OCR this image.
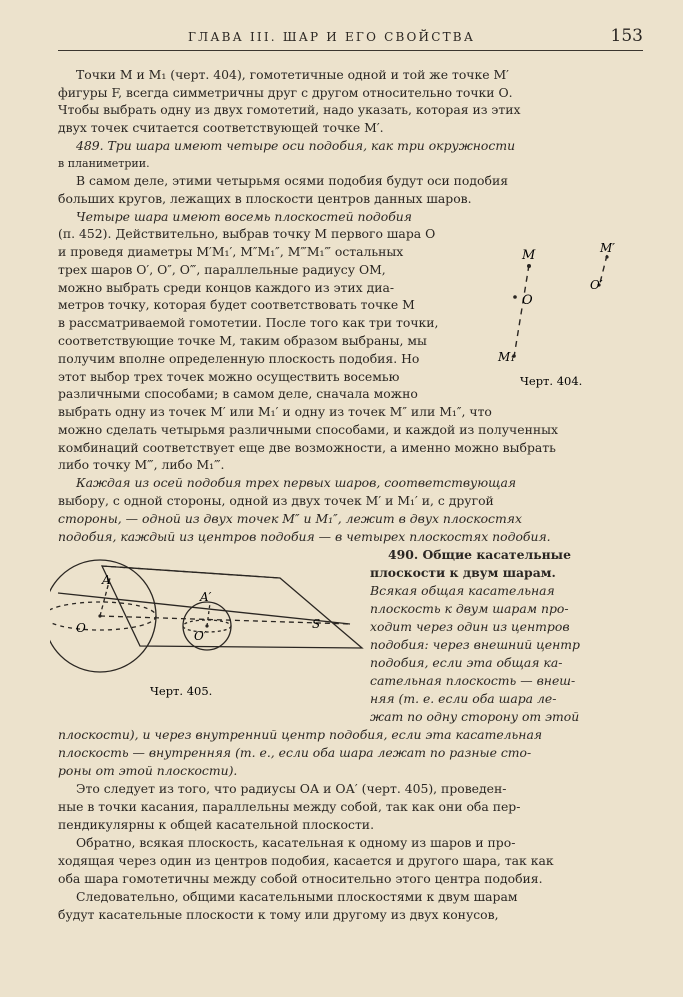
ГЛАВА III. ШАР И ЕГО СВОЙСТВА	153
Точки М и М₁ (черт. 404), гомотетичные одной и той же точке М′
фигуры F, всегда симметричны друг с другом относительно точки О.
Чтобы выбрать одну из двух гомотетий, надо указать, которая из этих
двух точек считается соответствующей точке М′.
489. Три шара имеют четыре оси подобия, как три окружности
в планиметрии.
В самом деле, этими четырьмя осями подобия будут оси подобия
больших кругов, лежащих в плоскости центров данных шаров.
Четыре шара имеют восемь плоскостей подобия
(п. 452). Действительно, выбрав точку М первого шара О
и проведя диаметры М′М₁′, М″М₁″, М‴М₁‴ остальных
трех шаров О′, О″, О‴, параллельные радиусу ОМ,
можно выбрать среди концов каждого из этих диа-
метров точку, которая будет соответствовать точке М
в рассматриваемой гомотетии. После того как три точки,
соответствующие точке М, таким образом выбраны, мы
получим вполне определенную плоскость подобия. Но
этот выбор трех точек можно осуществить восемью
различными способами; в самом деле, сначала можно
выбрать одну из точек М′ или М₁′ и одну из точек М″ или М₁″, что
можно сделать четырьмя различными способами, и каждой из полученных
комбинаций соответствует еще две возможности, а именно можно выбрать
либо точку М‴, либо М₁‴.
Каждая из осей подобия трех первых шаров, соответствующая
выбору, с одной стороны, одной из двух точек М′ и М₁′ и, с другой
стороны, — одной из двух точек М″ и М₁″, лежит в двух плоскостях
подобия, каждый из центров подобия — в четырех плоскостях подобия.
490. Общие касательные
плоскости к двум шарам.
Всякая общая касательная
плоскость к двум шарам про-
ходит через один из центров
подобия: через внешний центр
подобия, если эта общая ка-
сательная плоскость — внеш-
няя (т. е. если оба шара ле-
жат по одну сторону от этой
плоскости), и через внутренний центр подобия, если эта касательная
плоскость — внутренняя (т. е., если оба шара лежат по разные сто-
роны от этой плоскости).
Это следует из того, что радиусы ОА и ОА′ (черт. 405), проведен-
ные в точки касания, параллельны между собой, так как они оба пер-
пендикулярны к общей касательной плоскости.
Обратно, всякая плоскость, касательная к одному из шаров и про-
ходящая через один из центров подобия, касается и другого шара, так как
оба шара гомотетичны между собой относительно этого центра подобия.
Следовательно, общими касательными плоскостями к двум шарам
будут касательные плоскости к тому или другому из двух конусов,
M	M′
O
O′
M₁
Черт. 404.
A
A′
O
O′
S
Черт. 405.
